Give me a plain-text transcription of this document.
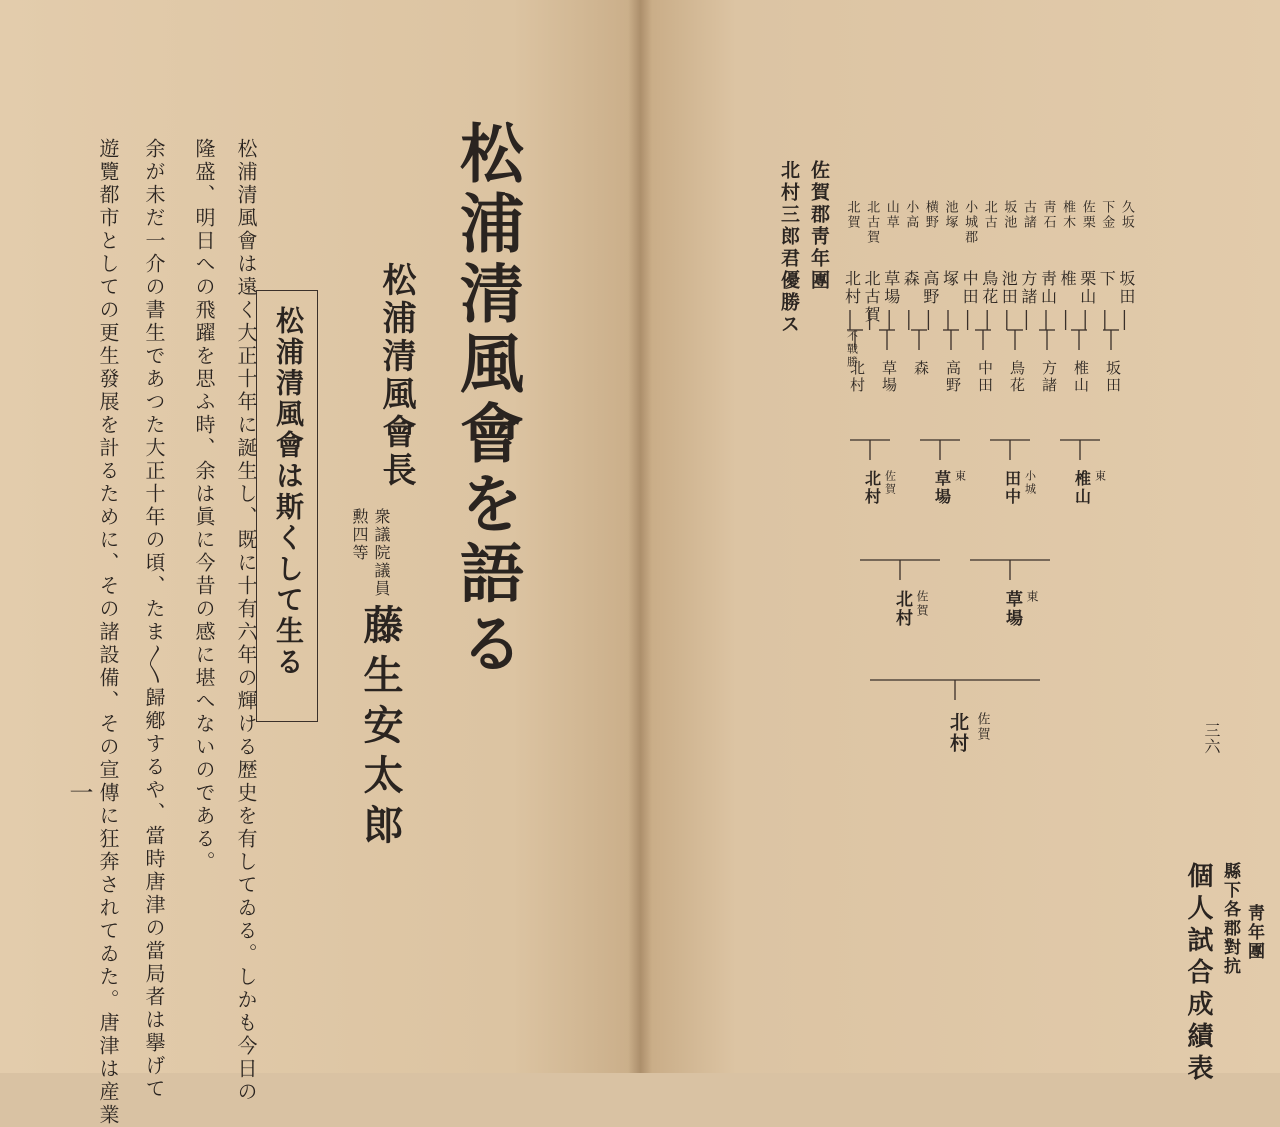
松浦清風會を語る
松浦清風會長
衆議院議員
勲四等
藤生安太郎
松浦清風會は斯くして生る
松浦清風會は遠く大正十年に誕生し、既に十有六年の輝ける歴史を有してゐる。しかも今日の
隆盛、明日への飛躍を思ふ時、余は眞に今昔の感に堪へないのである。
余が未だ一介の書生であつた大正十年の頃、たま〳〵歸鄕するや、當時唐津の當局者は擧げて
遊覽都市としての更生發展を計るために、その諸設備、その宣傳に狂奔されてゐた。唐津は産業
一
三六
佐賀郡靑年團
北村三郎君優勝ス
個人試合成績表 縣下各郡對抗 靑年團
北賀
北村
北古賀
北古賀
山草
草場
小高
森
横野
高野
池塚
塚
小城郡
中田
北古
鳥花
坂池
池田
古諸
方諸
靑石
靑山
椎木
椎
佐栗
栗山
下金
下
久坂
坂田
北村 草場 森 高野 中田 鳥花 方諸 椎山 坂田
北村 佐賀 草場 東 田中 小城 椎山 東
北村 佐賀	草場 東
北村 佐賀
不戰勝
